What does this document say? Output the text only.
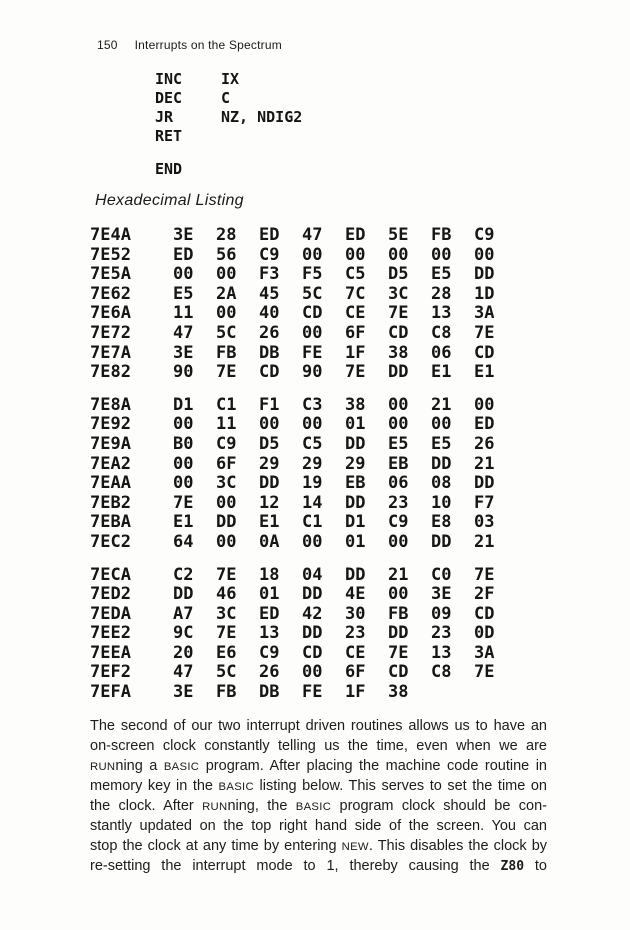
150 Interrupts on the Spectrum
INC	IX
DEC	C
JR	NZ, NDIG2
RET
END
Hexadecimal Listing
7E4A 3E 28 ED 47 ED 5E FB C9
7E52 ED 56 C9 00 00 00 00 00
7E5A 00 00 F3 F5 C5 D5 E5 DD
7E62 E5 2A 45 5C 7C 3C 28 1D
7E6A 11 00 40 CD CE 7E 13 3A
7E72 47 5C 26 00 6F CD C8 7E
7E7A 3E FB DB FE 1F 38 06 CD
7E82 90 7E CD 90 7E DD E1 E1
7E8A D1 C1 F1 C3 38 00 21 00
7E92 00 11 00 00 01 00 00 ED
7E9A B0 C9 D5 C5 DD E5 E5 26
7EA2 00 6F 29 29 29 EB DD 21
7EAA 00 3C DD 19 EB 06 08 DD
7EB2 7E 00 12 14 DD 23 10 F7
7EBA E1 DD E1 C1 D1 C9 E8 03
7EC2 64 00 0A 00 01 00 DD 21
7ECA C2 7E 18 04 DD 21 C0 7E
7ED2 DD 46 01 DD 4E 00 3E 2F
7EDA A7 3C ED 42 30 FB 09 CD
7EE2 9C 7E 13 DD 23 DD 23 0D
7EEA 20 E6 C9 CD CE 7E 13 3A
7EF2 47 5C 26 00 6F CD C8 7E
7EFA 3E FB DB FE 1F 38
The second of our two interrupt driven routines allows us to have an
on-screen clock constantly telling us the time, even when we are
RUNning a BASIC program. After placing the machine code routine in
memory key in the BASIC listing below. This serves to set the time on
the clock. After RUNning, the BASIC program clock should be con-
stantly updated on the top right hand side of the screen. You can
stop the clock at any time by entering NEW. This disables the clock by
re-setting the interrupt mode to 1, thereby causing the Z80 to
